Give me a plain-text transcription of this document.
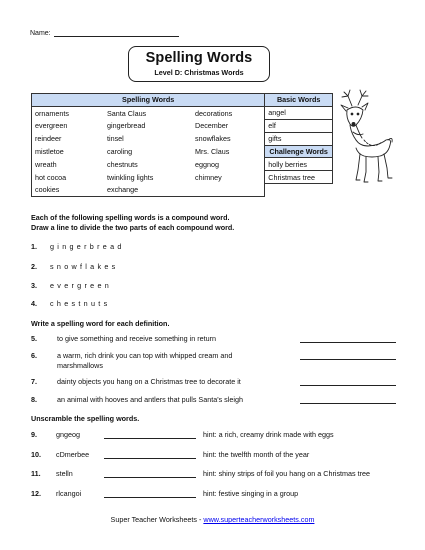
Name:
Spelling Words
Level D: Christmas Words
Spelling Words			Basic Words
ornaments	Santa Claus	decorations	angel
evergreen	gingerbread	December	elf
reindeer	tinsel	snowflakes	gifts
mistletoe	caroling	Mrs. Claus	Challenge Words
wreath	chestnuts	eggnog	holly berries
hot cocoa	twinkling lights	chimney	Christmas tree
cookies	exchange		
Each of the following spelling words is a compound word.
Draw a line to divide the two parts of each compound word.
1. gingerbread
2. snowflakes
3. evergreen
4. chestnuts
Write a spelling word for each definition.
5.	to give something and receive something in return
6.	a warm, rich drink you can top with whipped cream and
marshmallows
7.	dainty objects you hang on a Christmas tree to decorate it
8.	an animal with hooves and antlers that pulls Santa's sleigh
Unscramble the spelling words.
9.	gngeog	hint: a rich, creamy drink made with eggs
10. cDmerbee	hint: the twelfth month of the year
11. stelln	hint: shiny strips of foil you hang on a Christmas tree
12. rlcangoi	hint: festive singing in a group
Super Teacher Worksheets - www.superteacherworksheets.com
